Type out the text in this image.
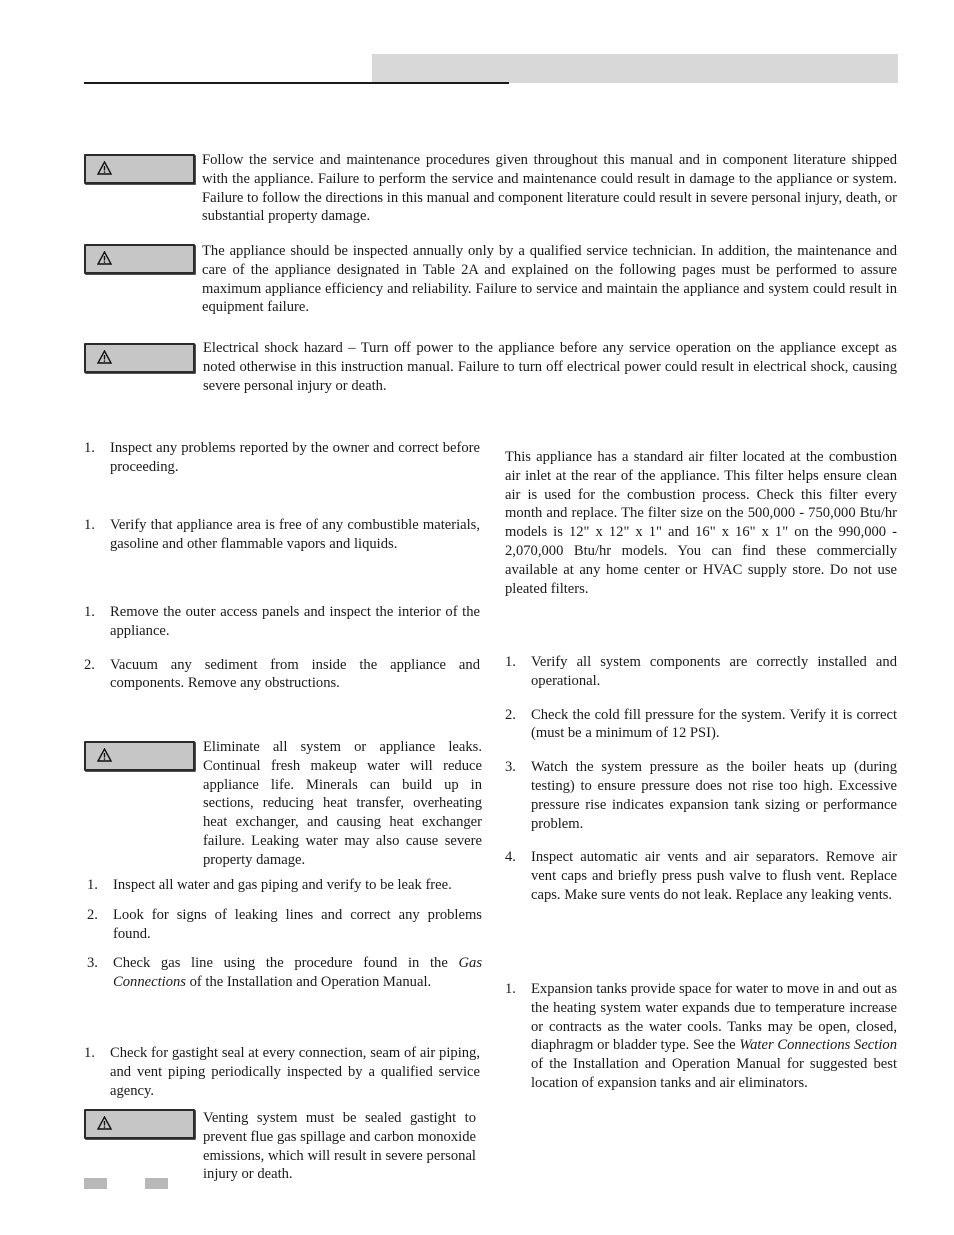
Follow the service and maintenance procedures given throughout this manual and in component literature shipped with the appliance. Failure to perform the service and maintenance could result in damage to the appliance or system. Failure to follow the directions in this manual and component literature could result in severe personal injury, death, or substantial property damage.
The appliance should be inspected annually only by a qualified service technician. In addition, the maintenance and care of the appliance designated in Table 2A and explained on the following pages must be performed to assure maximum appliance efficiency and reliability. Failure to service and maintain the appliance and system could result in equipment failure.
Electrical shock hazard – Turn off power to the appliance before any service operation on the appliance except as noted otherwise in this instruction manual. Failure to turn off electrical power could result in electrical shock, causing severe personal injury or death.
1. Inspect any problems reported by the owner and correct before proceeding.
1. Verify that appliance area is free of any combustible materials, gasoline and other flammable vapors and liquids.
1. Remove the outer access panels and inspect the interior of the appliance.
2. Vacuum any sediment from inside the appliance and components. Remove any obstructions.
Eliminate all system or appliance leaks. Continual fresh makeup water will reduce appliance life. Minerals can build up in sections, reducing heat transfer, overheating heat exchanger, and causing heat exchanger failure. Leaking water may also cause severe property damage.
1. Inspect all water and gas piping and verify to be leak free.
2. Look for signs of leaking lines and correct any problems found.
3. Check gas line using the procedure found in the Gas Connections of the Installation and Operation Manual.
1. Check for gastight seal at every connection, seam of air piping, and vent piping periodically inspected by a qualified service agency.
Venting system must be sealed gastight to prevent flue gas spillage and carbon monoxide emissions, which will result in severe personal injury or death.
This appliance has a standard air filter located at the combustion air inlet at the rear of the appliance. This filter helps ensure clean air is used for the combustion process. Check this filter every month and replace. The filter size on the 500,000 - 750,000 Btu/hr models is 12" x 12" x 1" and 16" x 16" x 1" on the 990,000 - 2,070,000 Btu/hr models. You can find these commercially available at any home center or HVAC supply store. Do not use pleated filters.
1. Verify all system components are correctly installed and operational.
2. Check the cold fill pressure for the system. Verify it is correct (must be a minimum of 12 PSI).
3. Watch the system pressure as the boiler heats up (during testing) to ensure pressure does not rise too high. Excessive pressure rise indicates expansion tank sizing or performance problem.
4. Inspect automatic air vents and air separators. Remove air vent caps and briefly press push valve to flush vent. Replace caps. Make sure vents do not leak. Replace any leaking vents.
1. Expansion tanks provide space for water to move in and out as the heating system water expands due to temperature increase or contracts as the water cools. Tanks may be open, closed, diaphragm or bladder type. See the Water Connections Section of the Installation and Operation Manual for suggested best location of expansion tanks and air eliminators.
